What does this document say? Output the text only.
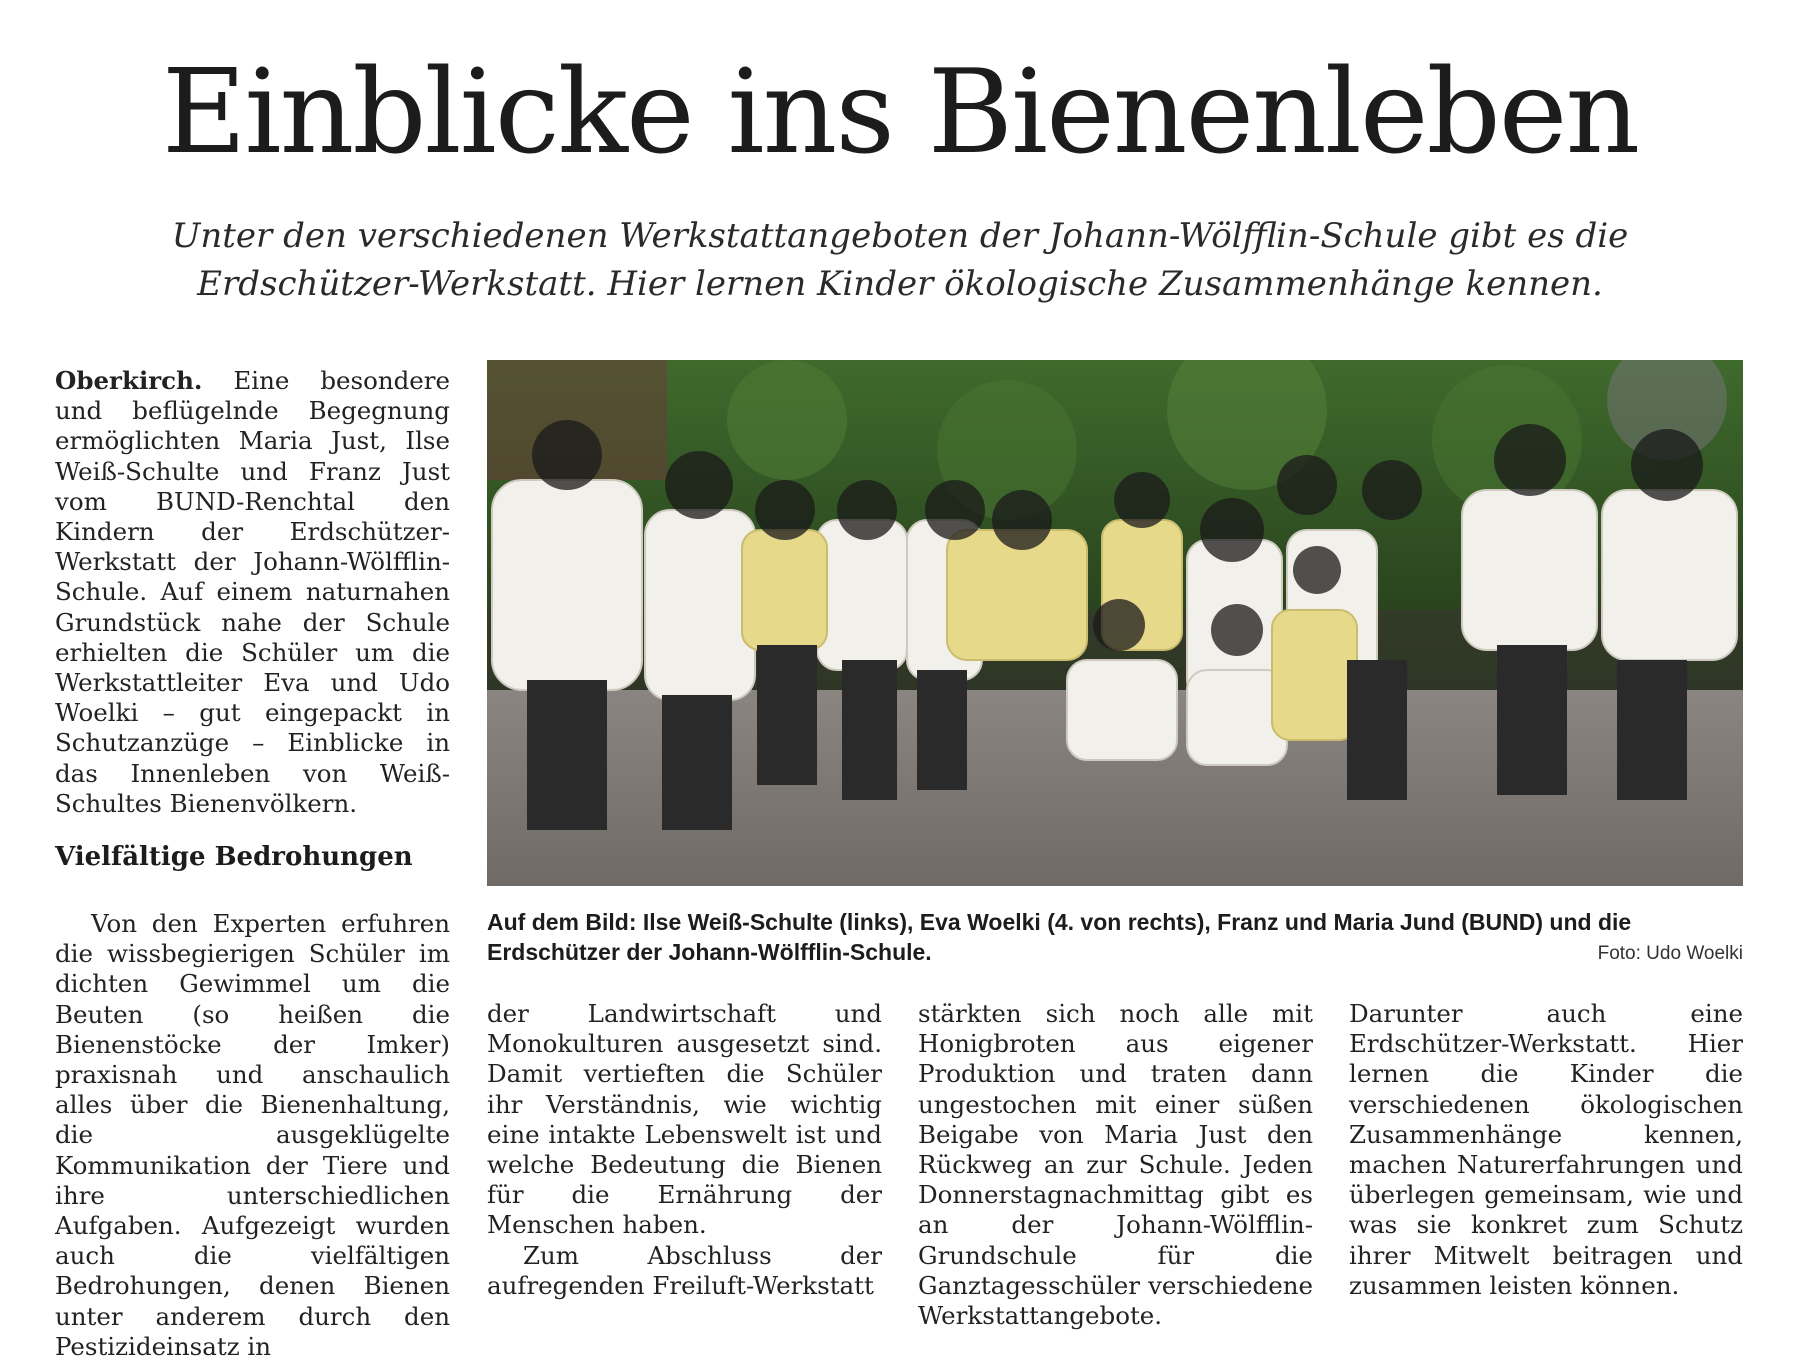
Einblicke ins Bienenleben
Unter den verschiedenen Werkstattangeboten der Johann-Wölfflin-Schule gibt es die Erdschützer-Werkstatt. Hier lernen Kinder ökologische Zusammenhänge kennen.

Oberkirch. Eine besondere und beflügelnde Begegnung ermöglichten Maria Just, Ilse Weiß-Schulte und Franz Just vom BUND-Renchtal den Kindern der Erdschützer-Werkstatt der Johann-Wölfflin-Schule. Auf einem naturnahen Grundstück nahe der Schule erhielten die Schüler um die Werkstattleiter Eva und Udo Woelki – gut eingepackt in Schutzanzüge – Einblicke in das Innenleben von Weiß-Schultes Bienenvölkern.

Vielfältige Bedrohungen

Von den Experten erfuhren die wissbegierigen Schüler im dichten Gewimmel um die Beuten (so heißen die Bienenstöcke der Imker) praxisnah und anschaulich alles über die Bienenhaltung, die ausgeklügelte Kommunikation der Tiere und ihre unterschiedlichen Aufgaben. Aufgezeigt wurden auch die vielfältigen Bedrohungen, denen Bienen unter anderem durch den Pestizideinsatz in

Auf dem Bild: Ilse Weiß-Schulte (links), Eva Woelki (4. von rechts), Franz und Maria Jund (BUND) und die Erdschützer der Johann-Wölfflin-Schule.	Foto: Udo Woelki

der Landwirtschaft und Monokulturen ausgesetzt sind. Damit vertieften die Schüler ihr Verständnis, wie wichtig eine intakte Lebenswelt ist und welche Bedeutung die Bienen für die Ernährung der Menschen haben.

Zum Abschluss der aufregenden Freiluft-Werkstatt

stärkten sich noch alle mit Honigbroten aus eigener Produktion und traten dann ungestochen mit einer süßen Beigabe von Maria Just den Rückweg an zur Schule. Jeden Donnerstagnachmittag gibt es an der Johann-Wölfflin-Grundschule für die Ganztagesschüler verschiedene Werkstattangebote.

Darunter auch eine Erdschützer-Werkstatt. Hier lernen die Kinder die verschiedenen ökologischen Zusammenhänge kennen, machen Naturerfahrungen und überlegen gemeinsam, wie und was sie konkret zum Schutz ihrer Mitwelt beitragen und zusammen leisten können.
